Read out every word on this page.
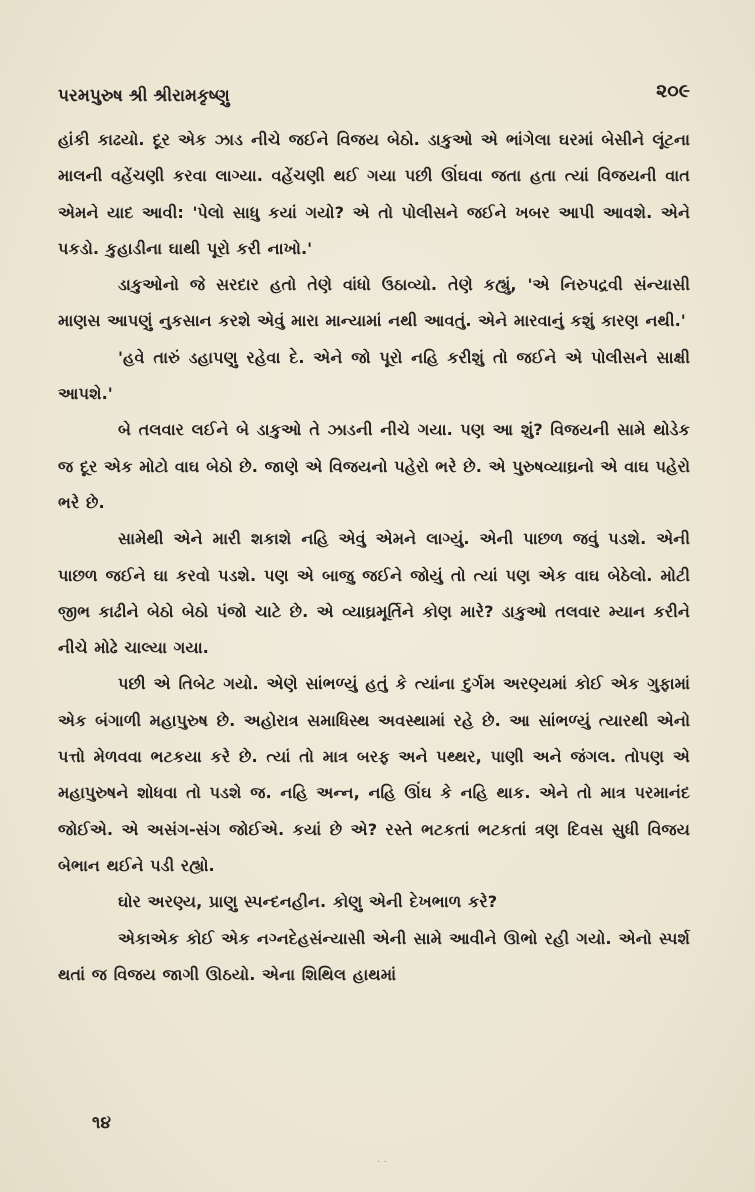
પરમપુરુષ શ્રી શ્રીરામકૃષ્ણુ	૨૦૯

હાંકી કાઢયો. દૂર એક ઝાડ નીચે જઈને વિજય બેઠો. ડાકુઓ એ ભાંગેલા ઘરમાં બેસીને લૂંટના માલની વહેંચણી કરવા લાગ્યા. વહેંચણી થઈ ગયા પછી ઊંઘવા જતા હતા ત્યાં વિજયની વાત એમને યાદ આવી: 'પેલો સાધુ કયાં ગયો? એ તો પોલીસને જઈને ખબર આપી આવશે. એને પકડો. કુહાડીના ઘાથી પૂરો કરી નાખો.'

ડાકુઓનો જે સરદાર હતો તેણે વાંધો ઉઠાવ્યો. તેણે કહ્યું, 'એ નિરુપદ્રવી સંન્યાસી માણસ આપણું નુકસાન કરશે એવું મારા માન્યામાં નથી આવતું. એને મારવાનું કશું કારણ નથી.'

'હવે તારું ડહાપણુ રહેવા દે. એને જો પૂરો નહિ કરીશું તો જઈને એ પોલીસને સાક્ષી આપશે.'

બે તલવાર લઈને બે ડાકુઓ તે ઝાડની નીચે ગયા. પણ આ શું? વિજયની સામે થોડેક જ દૂર એક મોટો વાઘ બેઠો છે. જાણે એ વિજયનો પહેરો ભરે છે. એ પુરુષવ્યાઘ્રનો એ વાઘ પહેરો ભરે છે.

સામેથી એને મારી શકાશે નહિ એવું એમને લાગ્યું. એની પાછળ જવું પડશે. એની પાછળ જઈને ઘા કરવો પડશે. પણ એ બાજુ જઈને જોયું તો ત્યાં પણ એક વાઘ બેઠેલો. મોટી જીભ કાઢીને બેઠો બેઠો પંજો ચાટે છે. એ વ્યાઘ્રમૂર્તિને કોણ મારે? ડાકુઓ તલવાર મ્યાન કરીને નીચે મોઢે ચાલ્યા ગયા.

પછી એ તિબેટ ગયો. એણે સાંભળ્યું હતું કે ત્યાંના દુર્ગમ અરણ્યમાં કોઈ એક ગુફામાં એક બંગાળી મહાપુરુષ છે. અહોરાત્ર સમાધિસ્થ અવસ્થામાં રહે છે. આ સાંભળ્યું ત્યારથી એનો પત્તો મેળવવા ભટકયા કરે છે. ત્યાં તો માત્ર બરફ અને પથ્થર, પાણી અને જંગલ. તોપણ એ મહાપુરુષને શોધવા તો પડશે જ. નહિ અન્ન, નહિ ઊંઘ કે નહિ થાક. એને તો માત્ર પરમાનંદ જોઈએ. એ અસંગ-સંગ જોઈએ. કયાં છે એ? રસ્તે ભટકતાં ભટકતાં ત્રણ દિવસ સુધી વિજય બેભાન થઈને પડી રહ્યો.

ઘોર અરણ્ય, પ્રાણુ સ્પન્દનહીન. કોણુ એની દેખભાળ કરે?

એકાએક કોઈ એક નગ્નદેહસંન્યાસી એની સામે આવીને ઊભો રહી ગયો. એનો સ્પર્શ થતાં જ વિજય જાગી ઊઠયો. એના શિથિલ હાથમાં

૧૪
· ·
